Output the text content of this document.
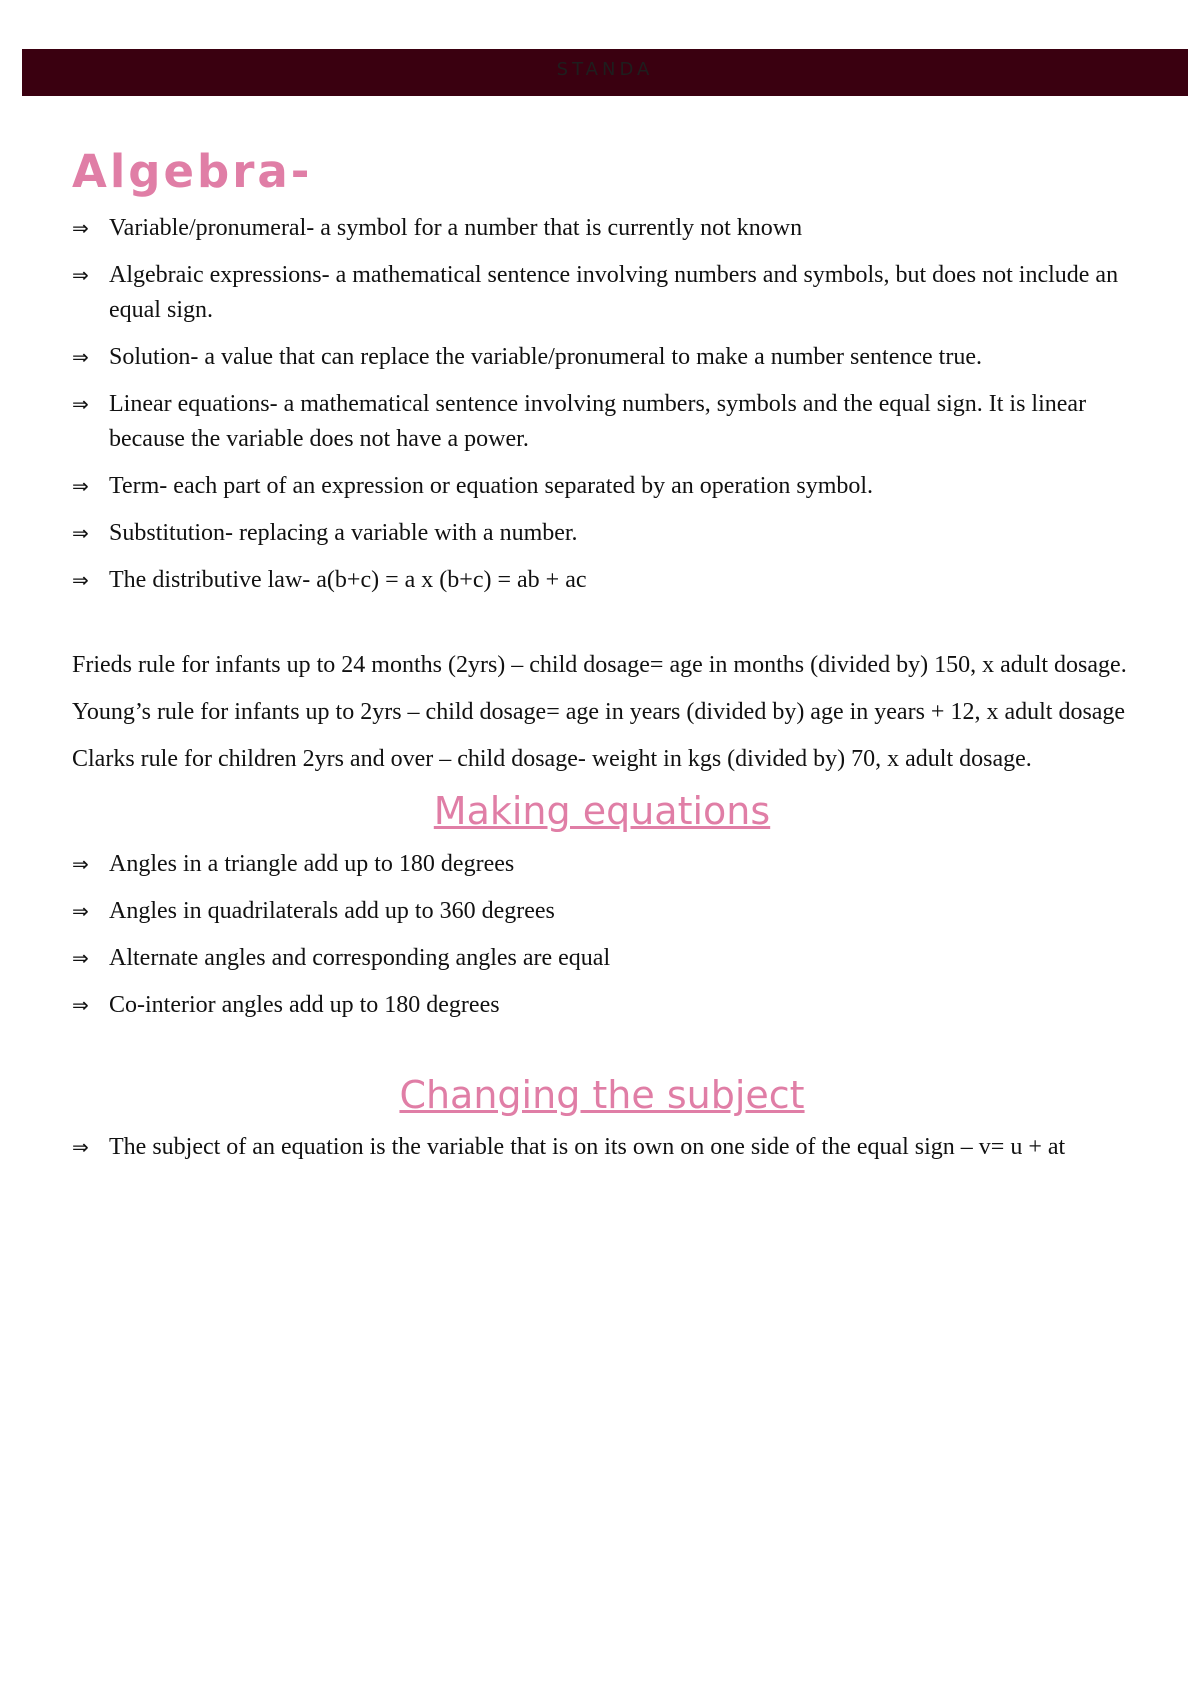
STANDA
Algebra-
⇒ Variable/pronumeral- a symbol for a number that is currently not known
⇒ Algebraic expressions- a mathematical sentence involving numbers and symbols, but does not include an equal sign.
⇒ Solution- a value that can replace the variable/pronumeral to make a number sentence true.
⇒ Linear equations- a mathematical sentence involving numbers, symbols and the equal sign. It is linear because the variable does not have a power.
⇒ Term- each part of an expression or equation separated by an operation symbol.
⇒ Substitution- replacing a variable with a number.
⇒ The distributive law- a(b+c) = a x (b+c) = ab + ac

Frieds rule for infants up to 24 months (2yrs) – child dosage= age in months (divided by) 150, x adult dosage.

Young’s rule for infants up to 2yrs – child dosage= age in years (divided by) age in years + 12, x adult dosage

Clarks rule for children 2yrs and over – child dosage- weight in kgs (divided by) 70, x adult dosage.

Making equations
⇒ Angles in a triangle add up to 180 degrees
⇒ Angles in quadrilaterals add up to 360 degrees
⇒ Alternate angles and corresponding angles are equal
⇒ Co-interior angles add up to 180 degrees
Changing the subject
⇒ The subject of an equation is the variable that is on its own on one side of the equal sign – v= u + at
